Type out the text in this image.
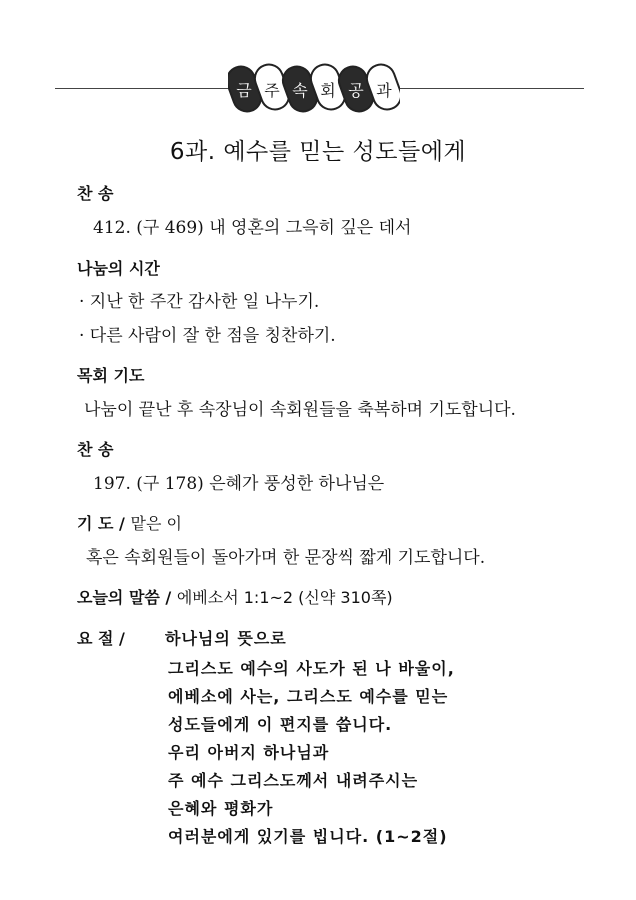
금 주 속 회 공 과
6과. 예수를 믿는 성도들에게
찬 송
412. (구 469) 내 영혼의 그윽히 깊은 데서
나눔의 시간
· 지난 한 주간 감사한 일 나누기.
· 다른 사람이 잘 한 점을 칭찬하기.
목회 기도
나눔이 끝난 후 속장님이 속회원들을 축복하며 기도합니다.
찬 송
197. (구 178) 은혜가 풍성한 하나님은
기 도 / 맡은 이
혹은 속회원들이 돌아가며 한 문장씩 짧게 기도합니다.
오늘의 말씀 / 에베소서 1:1~2 (신약 310쪽)
요 절 /	하나님의 뜻으로
그리스도 예수의 사도가 된 나 바울이,
에베소에 사는, 그리스도 예수를 믿는
성도들에게 이 편지를 씁니다.
우리 아버지 하나님과
주 예수 그리스도께서 내려주시는
은혜와 평화가
여러분에게 있기를 빕니다. (1~2절)
